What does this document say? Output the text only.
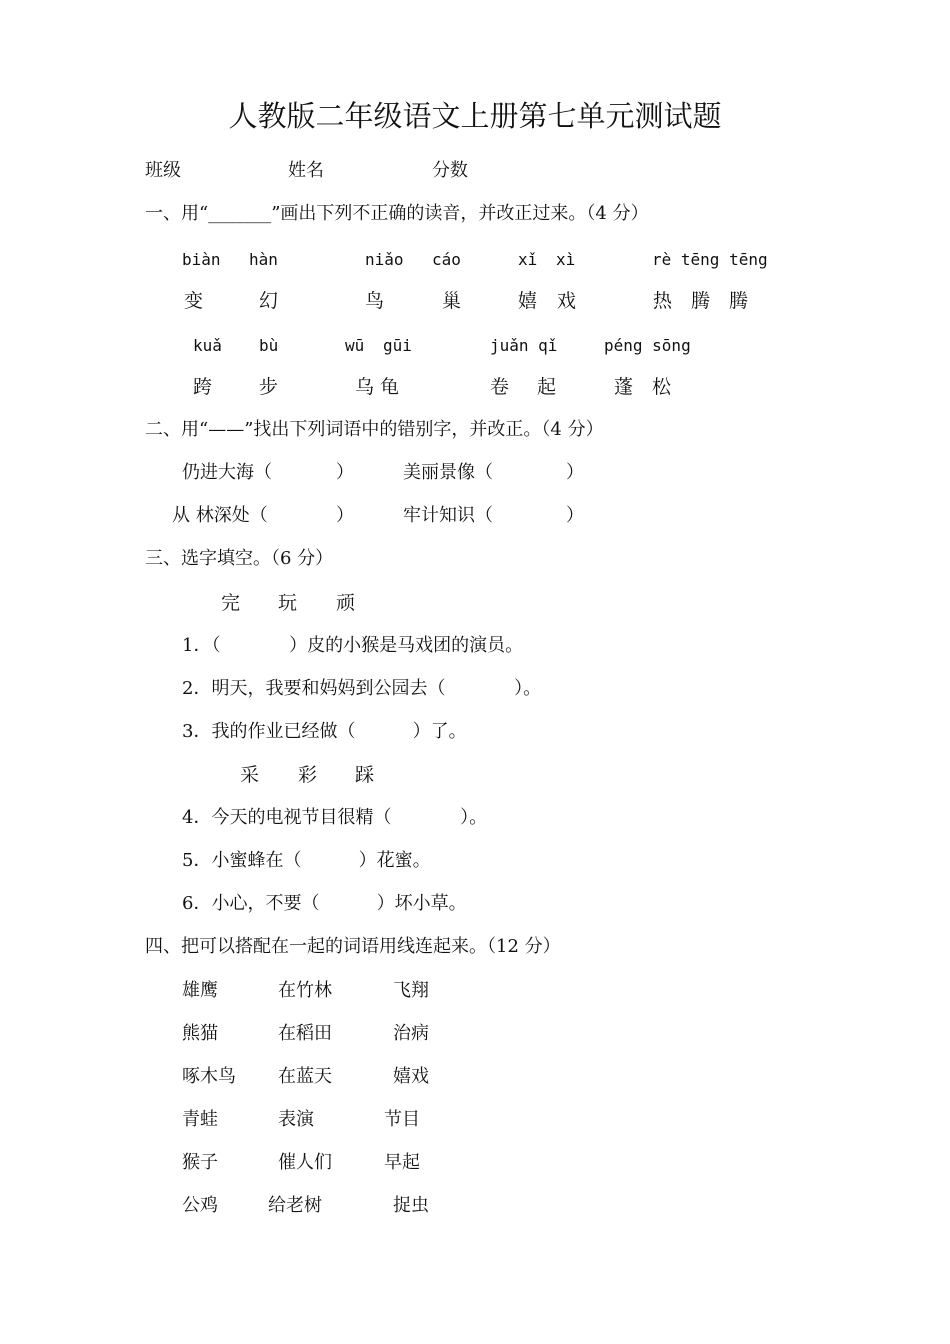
人教版二年级语文上册第七单元测试题
班级	姓名	分数
一、用“_______”画出下列不正确的读音，并改正过来。（4 分）
biàn hàn	niǎo cáo	xǐ xì	rè tēng tēng
变	幻	鸟	巢	嬉 戏	热 腾 腾
kuǎ bù	wū gūi	juǎn qǐ	péng sōng
跨 步	乌 龟	卷 起	蓬 松
二、用“——”找出下列词语中的错别字，并改正。（4 分）
仍进大海（	）	美丽景像（	）
从 林深处（	）	牢计知识（	）
三、选字填空。（6 分）
完 玩 顽
1．（            ）皮的小猴是马戏团的演员。
2．明天，我要和妈妈到公园去（            ）。
3．我的作业已经做（          ）了。
采 彩 踩
4．今天的电视节目很精（            ）。
5．小蜜蜂在（          ）花蜜。
6．小心，不要（          ）坏小草。
四、把可以搭配在一起的词语用线连起来。（12 分）
雄鹰	在竹林	飞翔
熊猫	在稻田	治病
啄木鸟 在蓝天	嬉戏
青蛙	表演	节目
猴子	催人们	早起
公鸡	给老树	捉虫
